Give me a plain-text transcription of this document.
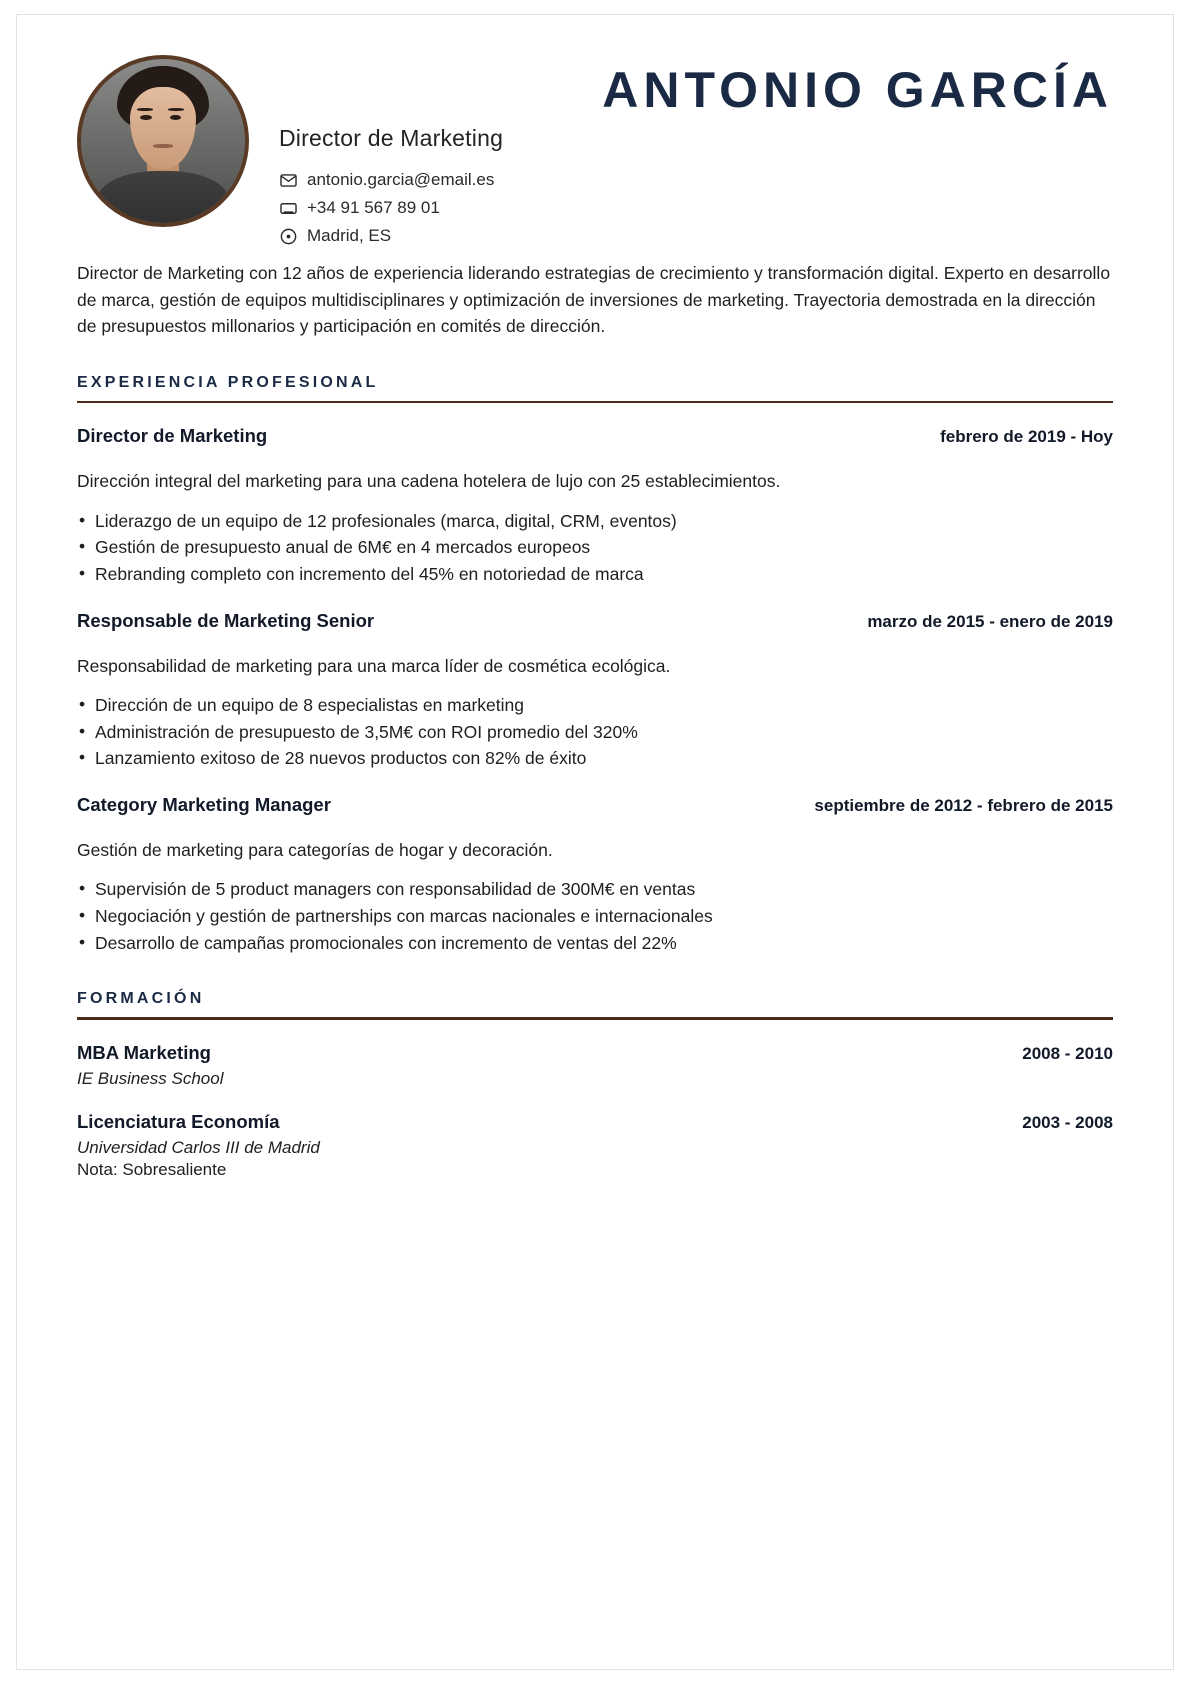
ANTONIO GARCÍA
Director de Marketing
antonio.garcia@email.es
+34 91 567 89 01
Madrid, ES
Director de Marketing con 12 años de experiencia liderando estrategias de crecimiento y transformación digital. Experto en desarrollo de marca, gestión de equipos multidisciplinares y optimización de inversiones de marketing. Trayectoria demostrada en la dirección de presupuestos millonarios y participación en comités de dirección.
EXPERIENCIA PROFESIONAL
Director de Marketing	febrero de 2019 - Hoy
Dirección integral del marketing para una cadena hotelera de lujo con 25 establecimientos.
• Liderazgo de un equipo de 12 profesionales (marca, digital, CRM, eventos)
• Gestión de presupuesto anual de 6M€ en 4 mercados europeos
• Rebranding completo con incremento del 45% en notoriedad de marca
Responsable de Marketing Senior	marzo de 2015 - enero de 2019
Responsabilidad de marketing para una marca líder de cosmética ecológica.
• Dirección de un equipo de 8 especialistas en marketing
• Administración de presupuesto de 3,5M€ con ROI promedio del 320%
• Lanzamiento exitoso de 28 nuevos productos con 82% de éxito
Category Marketing Manager	septiembre de 2012 - febrero de 2015
Gestión de marketing para categorías de hogar y decoración.
• Supervisión de 5 product managers con responsabilidad de 300M€ en ventas
• Negociación y gestión de partnerships con marcas nacionales e internacionales
• Desarrollo de campañas promocionales con incremento de ventas del 22%
FORMACIÓN
MBA Marketing	2008 - 2010
IE Business School
Licenciatura Economía	2003 - 2008
Universidad Carlos III de Madrid
Nota: Sobresaliente
